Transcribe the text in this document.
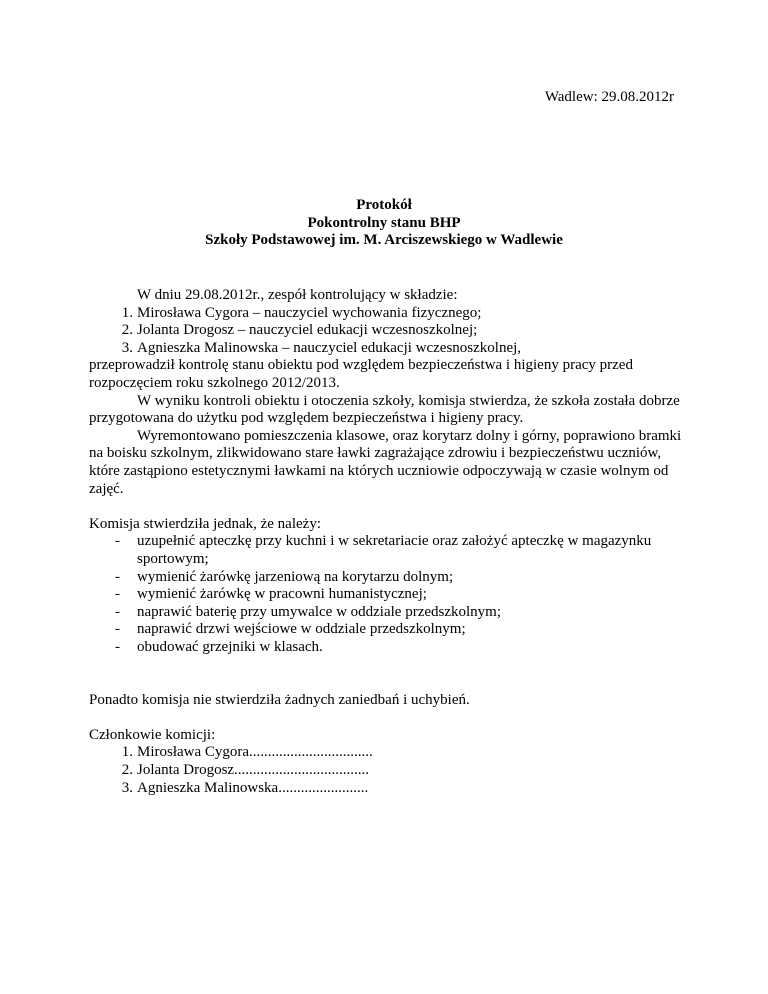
Wadlew: 29.08.2012r
Protokół
Pokontrolny stanu BHP
Szkoły Podstawowej im. M. Arciszewskiego w Wadlewie

W dniu 29.08.2012r., zespół kontrolujący w składzie:

1. Mirosława Cygora – nauczyciel wychowania fizycznego;
2. Jolanta Drogosz – nauczyciel edukacji wczesnoszkolnej;
3. Agnieszka Malinowska – nauczyciel edukacji wczesnoszkolnej,

przeprowadził kontrolę stanu obiektu pod względem bezpieczeństwa i higieny pracy przed rozpoczęciem roku szkolnego 2012/2013.

W wyniku kontroli obiektu i otoczenia szkoły, komisja stwierdza, że szkoła została dobrze przygotowana do użytku pod względem bezpieczeństwa i higieny pracy.

Wyremontowano pomieszczenia klasowe, oraz korytarz dolny i górny, poprawiono bramki na boisku szkolnym, zlikwidowano stare ławki zagrażające zdrowiu i bezpieczeństwu uczniów, które zastąpiono estetycznymi ławkami na których uczniowie odpoczywają w czasie wolnym od zajęć.

Komisja stwierdziła jednak, że należy:

- uzupełnić apteczkę przy kuchni i w sekretariacie oraz założyć apteczkę w magazynku sportowym;
- wymienić żarówkę jarzeniową na korytarzu dolnym;
- wymienić żarówkę w pracowni humanistycznej;
- naprawić baterię przy umywalce w oddziale przedszkolnym;
- naprawić drzwi wejściowe w oddziale przedszkolnym;
- obudować grzejniki w klasach.

Ponadto komisja nie stwierdziła żadnych zaniedbań i uchybień.

Członkowie komicji:

1. Mirosława Cygora.................................
2. Jolanta Drogosz....................................
3. Agnieszka Malinowska........................
